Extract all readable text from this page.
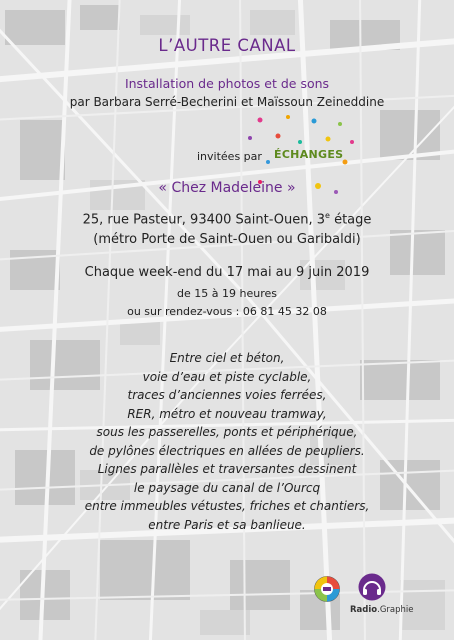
L’AUTRE CANAL
Installation de photos et de sons
par Barbara Serré-Becherini et Maïssoun Zeineddine
invitées par ÉCHANGES
« Chez Madeleine »
25, rue Pasteur, 93400 Saint-Ouen, 3e étage
(métro Porte de Saint-Ouen ou Garibaldi)
Chaque week-end du 17 mai au 9 juin 2019
de 15 à 19 heures
ou sur rendez-vous : 06 81 45 32 08
Entre ciel et béton,
voie d’eau et piste cyclable,
traces d’anciennes voies ferrées,
RER, métro et nouveau tramway,
sous les passerelles, ponts et périphérique,
de pylônes électriques en allées de peupliers.
Lignes parallèles et traversantes dessinent
le paysage du canal de l’Ourcq
entre immeubles vétustes, friches et chantiers,
entre Paris et sa banlieue.
Radio.Graphie
